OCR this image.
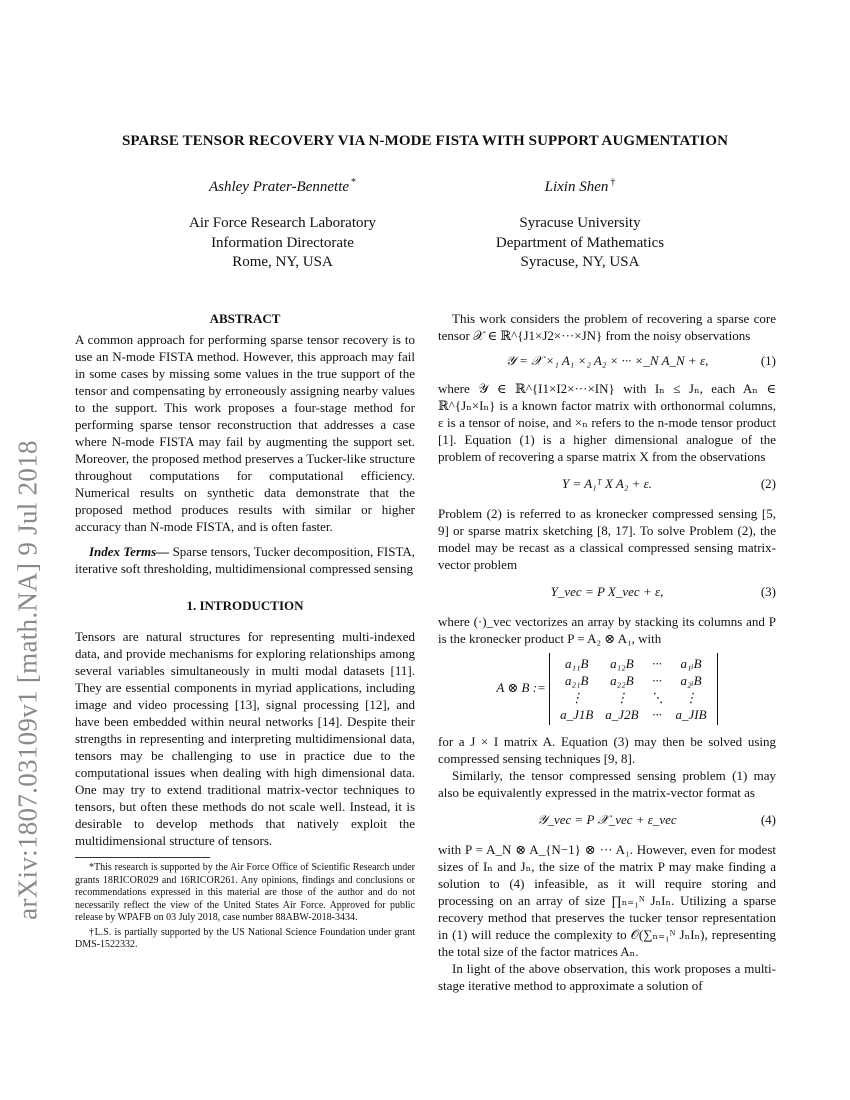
arXiv:1807.03109v1 [math.NA] 9 Jul 2018
SPARSE TENSOR RECOVERY VIA N-MODE FISTA WITH SUPPORT AUGMENTATION
Ashley Prater-Bennette *	Lixin Shen †
Air Force Research Laboratory
Information Directorate
Rome, NY, USA
Syracuse University
Department of Mathematics
Syracuse, NY, USA
ABSTRACT

A common approach for performing sparse tensor recovery is to use an N-mode FISTA method. However, this approach may fail in some cases by missing some values in the true support of the tensor and compensating by erroneously assigning nearby values to the support. This work proposes a four-stage method for performing sparse tensor reconstruction that addresses a case where N-mode FISTA may fail by augmenting the support set. Moreover, the proposed method preserves a Tucker-like structure throughout computations for computational efficiency. Numerical results on synthetic data demonstrate that the proposed method produces results with similar or higher accuracy than N-mode FISTA, and is often faster.

Index Terms— Sparse tensors, Tucker decomposition, FISTA, iterative soft thresholding, multidimensional compressed sensing

1. INTRODUCTION

Tensors are natural structures for representing multi-indexed data, and provide mechanisms for exploring relationships among several variables simultaneously in multi modal datasets [11]. They are essential components in myriad applications, including image and video processing [13], signal processing [12], and have been embedded within neural networks [14]. Despite their strengths in representing and interpreting multidimensional data, tensors may be challenging to use in practice due to the computational issues when dealing with high dimensional data. One may try to extend traditional matrix-vector techniques to tensors, but often these methods do not scale well. Instead, it is desirable to develop methods that natively exploit the multidimensional structure of tensors.

*This research is supported by the Air Force Office of Scientific Research under grants 18RICOR029 and 16RICOR261. Any opinions, findings and conclusions or recommendations expressed in this material are those of the author and do not necessarily reflect the view of the United States Air Force. Approved for public release by WPAFB on 03 July 2018, case number 88ABW-2018-3434.

†L.S. is partially supported by the US National Science Foundation under grant DMS-1522332.

This work considers the problem of recovering a sparse core tensor 𝒳 ∈ ℝ^{J1×J2×···×JN} from the noisy observations

𝒴 = 𝒳 ×₁ A₁ ×₂ A₂ × ··· ×_N A_N + ε,	(1)

where 𝒴 ∈ ℝ^{I1×I2×···×IN} with Iₙ ≤ Jₙ, each Aₙ ∈ ℝ^{Jₙ×Iₙ} is a known factor matrix with orthonormal columns, ε is a tensor of noise, and ×ₙ refers to the n-mode tensor product [1]. Equation (1) is a higher dimensional analogue of the problem of recovering a sparse matrix X from the observations

Y = A₁ᵀ X A₂ + ε.	(2)

Problem (2) is referred to as kronecker compressed sensing [5, 9] or sparse matrix sketching [8, 17]. To solve Problem (2), the model may be recast as a classical compressed sensing matrix-vector problem

Y_vec = P X_vec + ε,	(3)

where (·)_vec vectorizes an array by stacking its columns and P is the kronecker product P = A₂ ⊗ A₁, with

A ⊗ B :=
a₁₁B	a₁₂B	···	a₁ᵢB
a₂₁B	a₂₂B	···	a₂ᵢB
⋮	⋮	⋱	⋮
a_J1B	a_J2B	···	a_JIB

for a J × I matrix A. Equation (3) may then be solved using compressed sensing techniques [9, 8].

Similarly, the tensor compressed sensing problem (1) may also be equivalently expressed in the matrix-vector format as

𝒴_vec = P 𝒳_vec + ε_vec	(4)

with P = A_N ⊗ A_{N−1} ⊗ ··· A₁. However, even for modest sizes of Iₙ and Jₙ, the size of the matrix P may make finding a solution to (4) infeasible, as it will require storing and processing on an array of size ∏ₙ₌₁ᴺ JₙIₙ. Utilizing a sparse recovery method that preserves the tucker tensor representation in (1) will reduce the complexity to 𝒪(∑ₙ₌₁ᴺ JₙIₙ), representing the total size of the factor matrices Aₙ.

In light of the above observation, this work proposes a multi-stage iterative method to approximate a solution of
